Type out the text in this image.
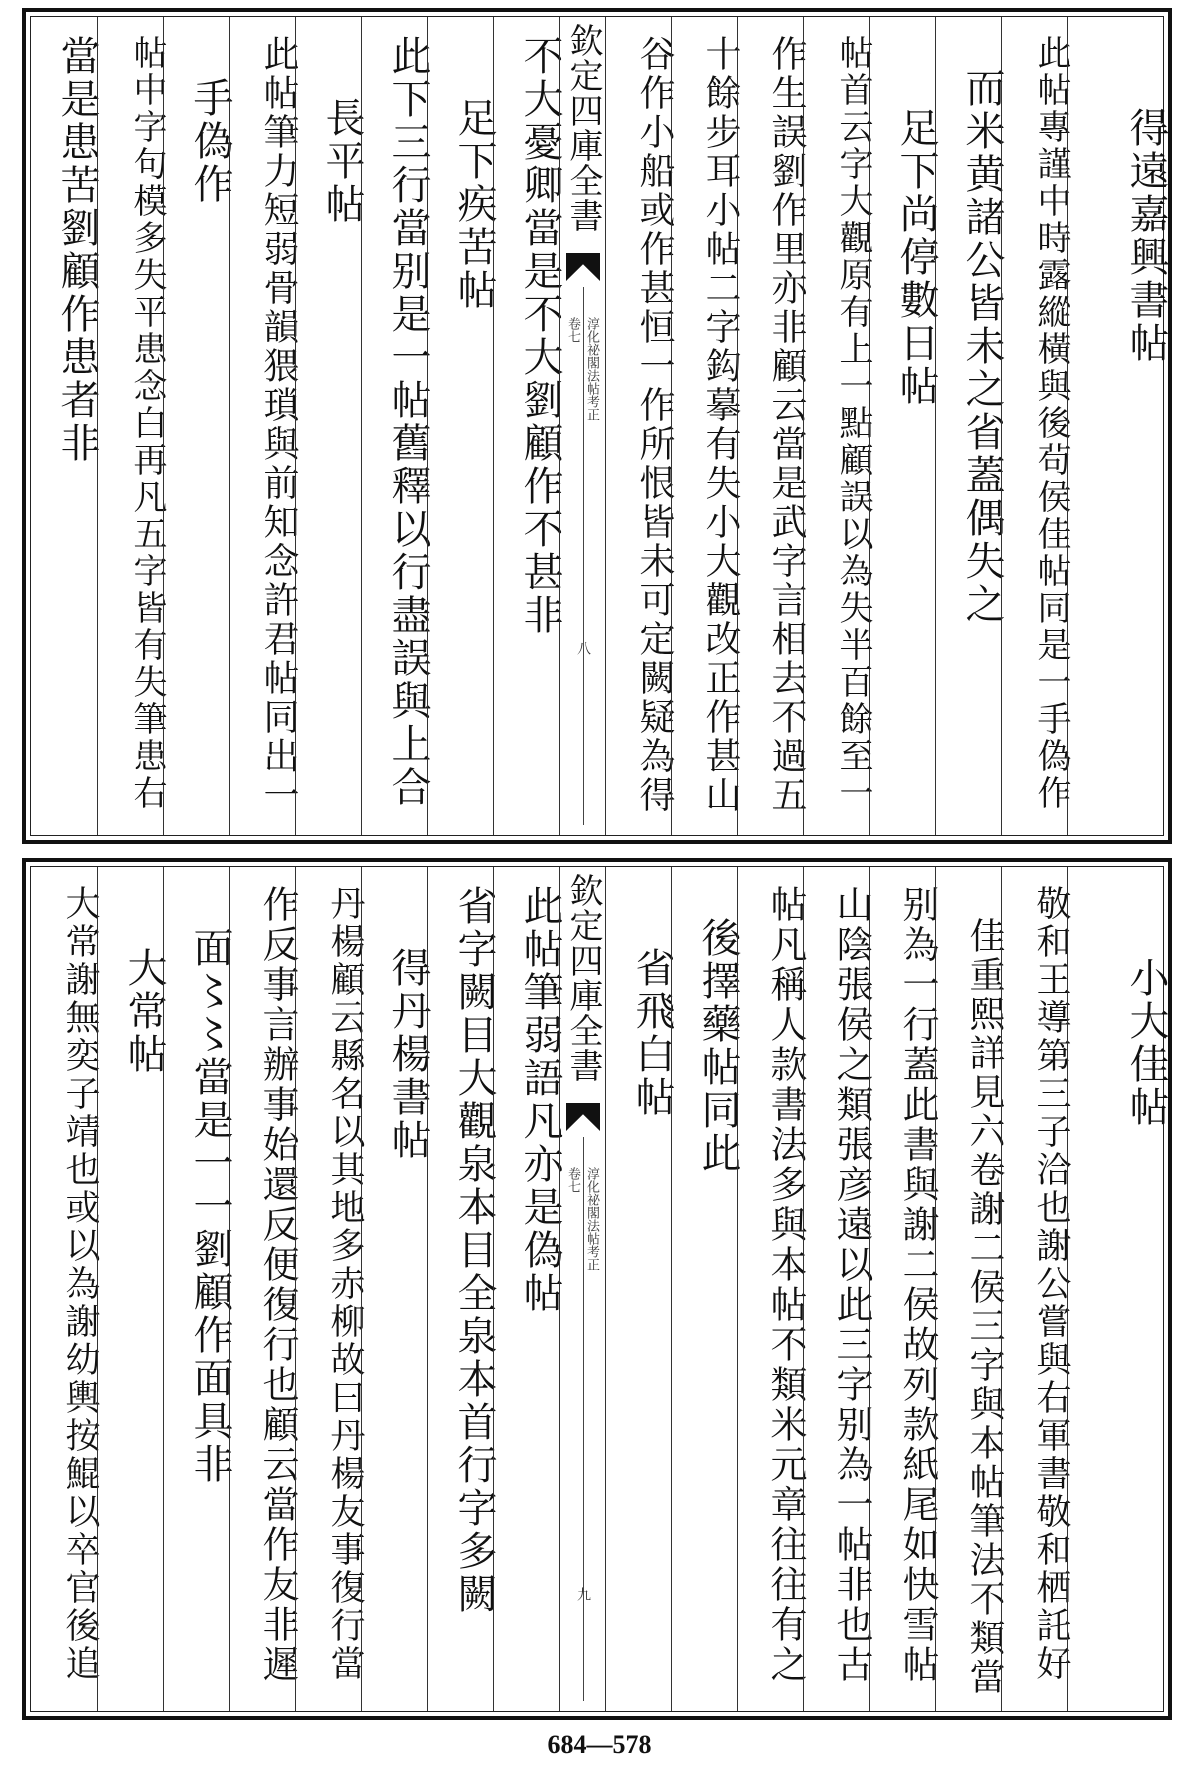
當是患苦劉顧作患者非 帖中字句模多失平患念白再凡五字皆有失筆患右 手偽作 此帖筆力短弱骨韻猥瑣與前知念許君帖同出一 長平帖 此下三行當别是一帖舊釋以行盡誤與上合 足下疾苦帖 不大憂卿當是不大劉顧作不甚非 欽定四庫全書
淳化祕閣法帖考正
卷七
八	谷作小船或作甚恒一作所恨皆未可定闕疑為得 十餘步耳小帖二字鈎摹有失小大觀改正作甚山 作生誤劉作里亦非顧云當是武字言相去不過五 帖首云字大觀原有上一點顧誤以為失半百餘至一 足下尚停數日帖 而米黄諸公皆未之省蓋偶失之 此帖專謹中時露縱橫與後茍侯佳帖同是一手偽作	得遠嘉興書帖
大常謝無奕子靖也或以為謝幼輿按鯤以卒官後追 大常帖 面〻〻當是一一劉顧作面具非 作反事言辦事始還反便復行也顧云當作友非遲 丹楊顧云縣名以其地多赤柳故曰丹楊友事復行當 得丹楊書帖 省字闕目大觀泉本目全泉本首行字多闕 此帖筆弱語凡亦是偽帖 欽定四庫全書
淳化祕閣法帖考正
卷七
九
省飛白帖 後擇藥帖同此 帖凡稱人款書法多與本帖不類米元章往往有之 山陰張侯之類張彦遠以此三字别為一帖非也古 别為一行蓋此書與謝二侯故列款紙尾如快雪帖 佳重熙詳見六卷謝二侯三字與本帖筆法不類當 敬和王導第三子洽也謝公嘗與右軍書敬和栖託好	小大佳帖
684—578
